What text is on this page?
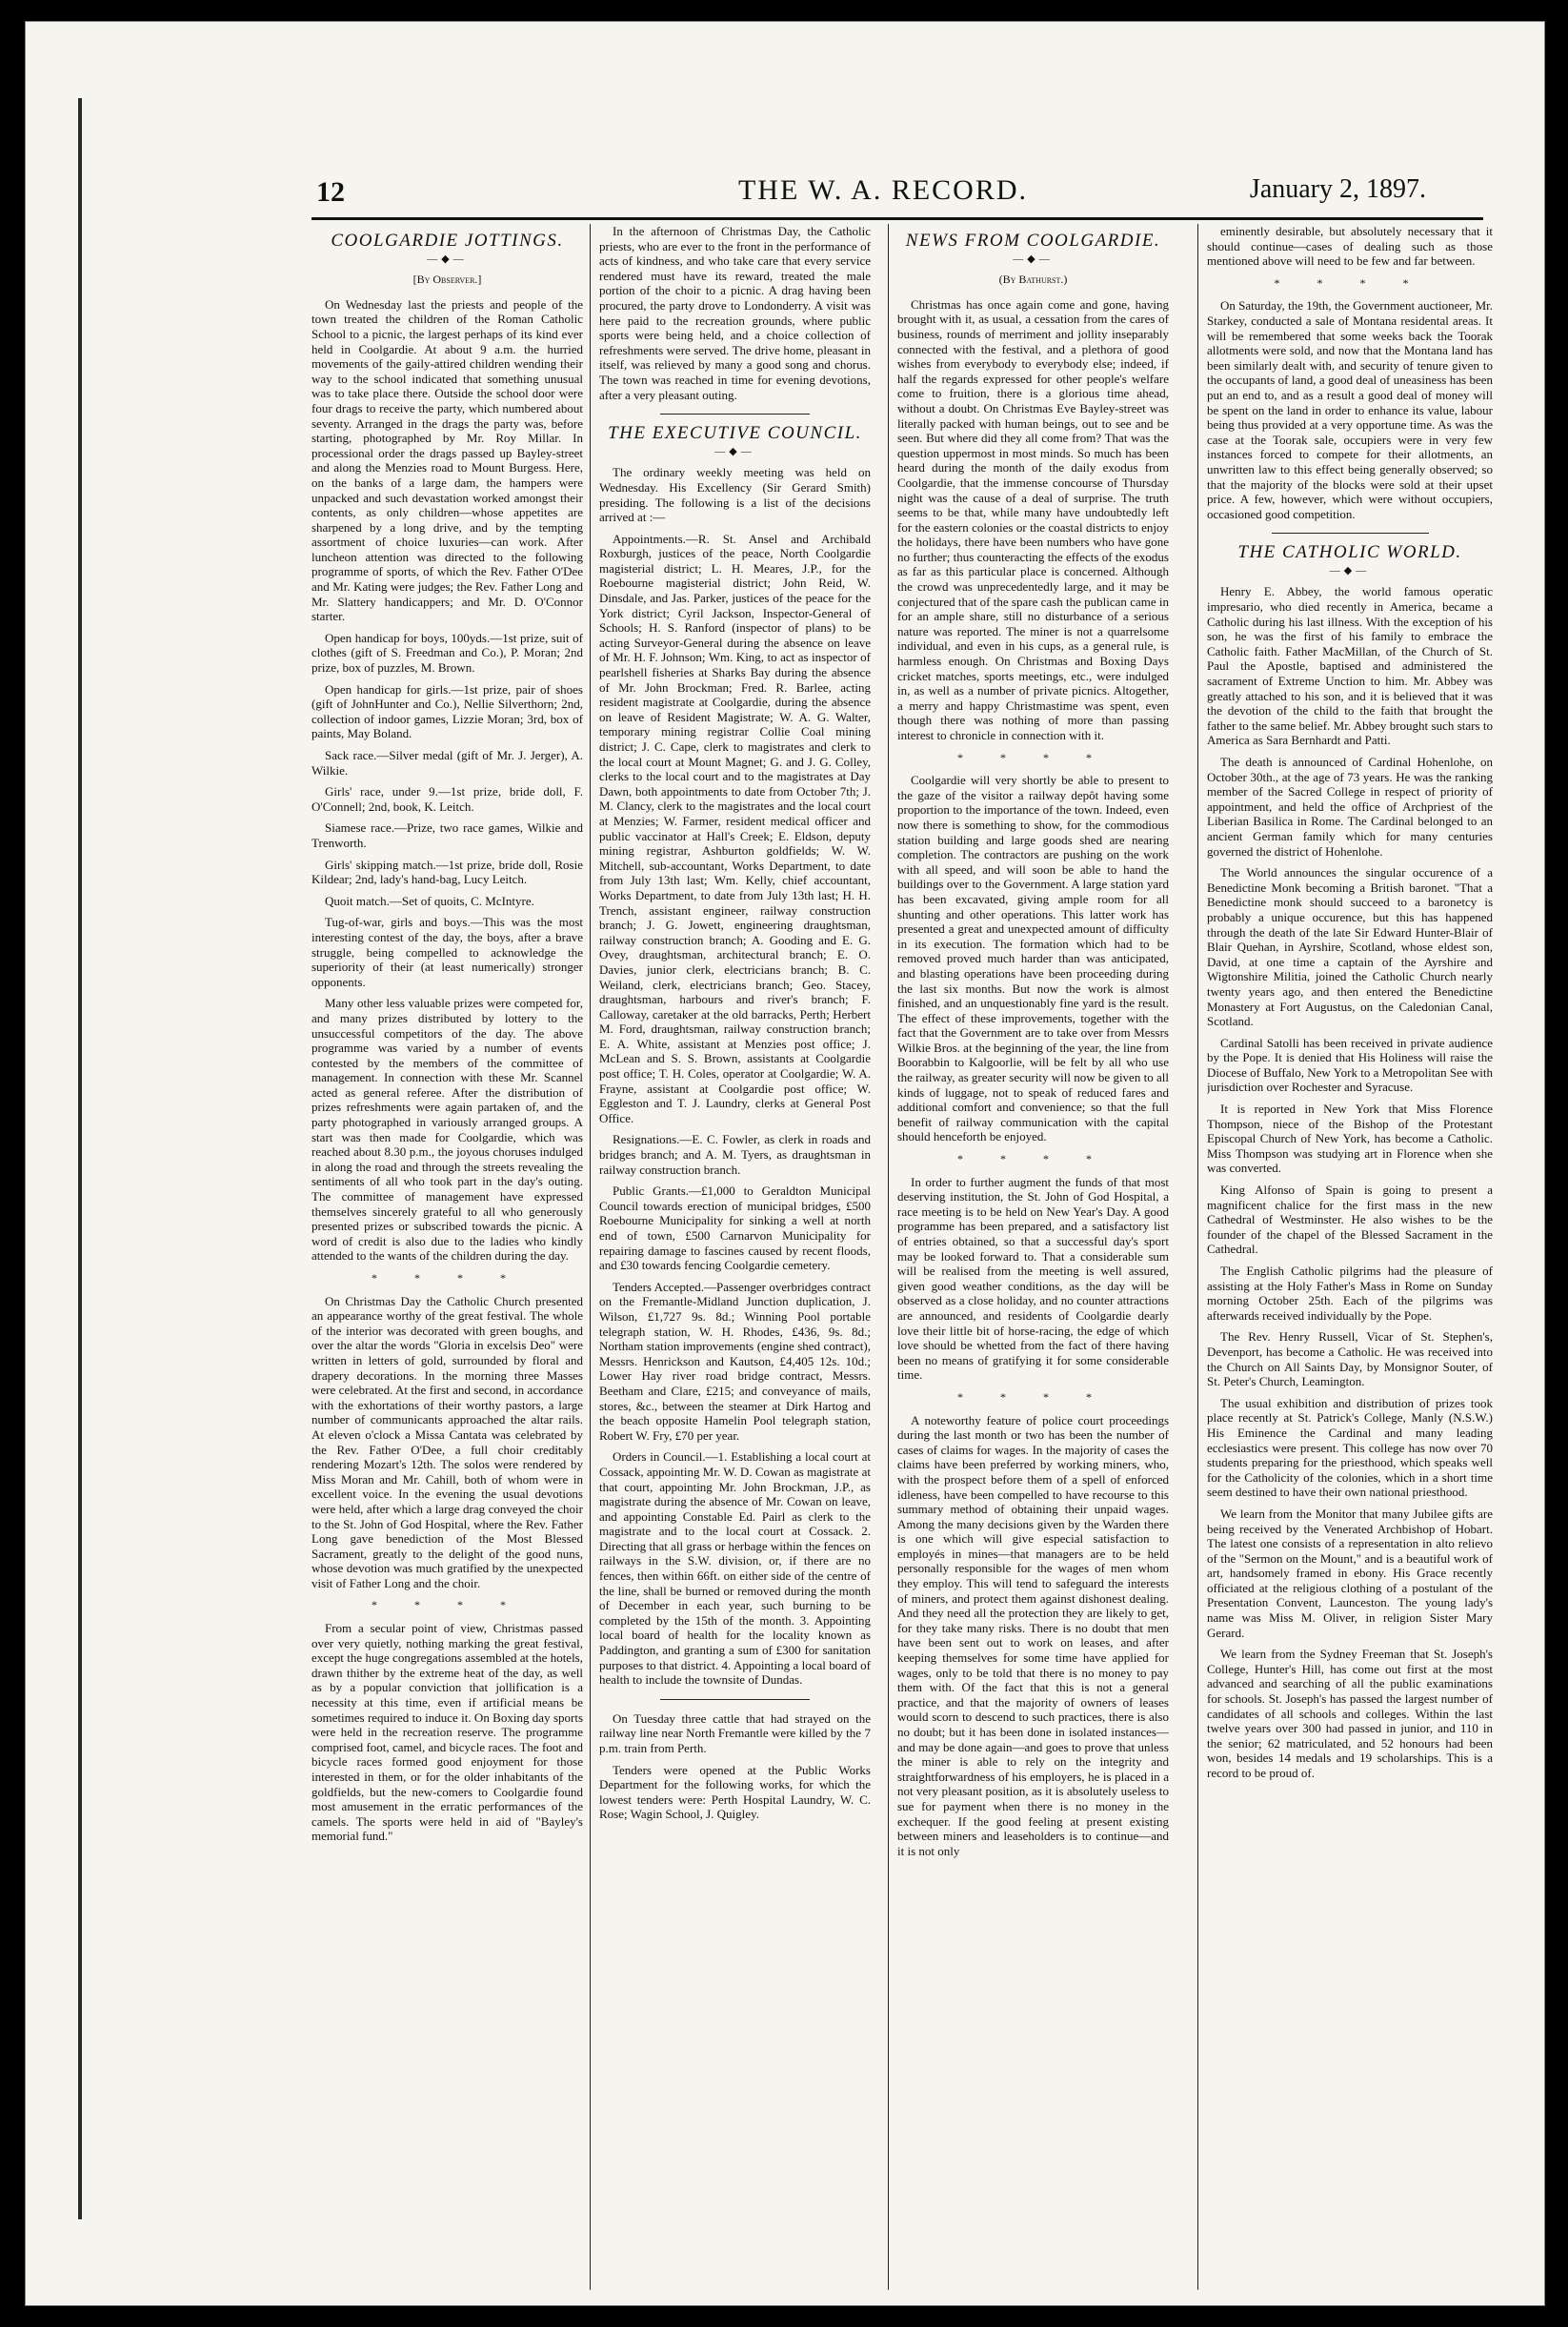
12	THE W. A. RECORD.	January 2, 1897.
COOLGARDIE JOTTINGS.
—◆—
[By Observer.]

On Wednesday last the priests and people of the town treated the children of the Roman Catholic School to a picnic, the largest perhaps of its kind ever held in Coolgardie. At about 9 a.m. the hurried movements of the gaily-attired children wending their way to the school indicated that something unusual was to take place there. Outside the school door were four drags to receive the party, which numbered about seventy. Arranged in the drags the party was, before starting, photographed by Mr. Roy Millar. In processional order the drags passed up Bayley-street and along the Menzies road to Mount Burgess. Here, on the banks of a large dam, the hampers were unpacked and such devastation worked amongst their contents, as only children—whose appetites are sharpened by a long drive, and by the tempting assortment of choice luxuries—can work. After luncheon attention was directed to the following programme of sports, of which the Rev. Father O'Dee and Mr. Kating were judges; the Rev. Father Long and Mr. Slattery handicappers; and Mr. D. O'Connor starter.

Open handicap for boys, 100yds.—1st prize, suit of clothes (gift of S. Freedman and Co.), P. Moran; 2nd prize, box of puzzles, M. Brown.

Open handicap for girls.—1st prize, pair of shoes (gift of JohnHunter and Co.), Nellie Silverthorn; 2nd, collection of indoor games, Lizzie Moran; 3rd, box of paints, May Boland.

Sack race.—Silver medal (gift of Mr. J. Jerger), A. Wilkie.

Girls' race, under 9.—1st prize, bride doll, F. O'Connell; 2nd, book, K. Leitch.

Siamese race.—Prize, two race games, Wilkie and Trenworth.

Girls' skipping match.—1st prize, bride doll, Rosie Kildear; 2nd, lady's hand-bag, Lucy Leitch.

Quoit match.—Set of quoits, C. McIntyre.

Tug-of-war, girls and boys.—This was the most interesting contest of the day, the boys, after a brave struggle, being compelled to acknowledge the superiority of their (at least numerically) stronger opponents.

Many other less valuable prizes were competed for, and many prizes distributed by lottery to the unsuccessful competitors of the day. The above programme was varied by a number of events contested by the members of the committee of management. In connection with these Mr. Scannel acted as general referee. After the distribution of prizes refreshments were again partaken of, and the party photographed in variously arranged groups. A start was then made for Coolgardie, which was reached about 8.30 p.m., the joyous choruses indulged in along the road and through the streets revealing the sentiments of all who took part in the day's outing. The committee of management have expressed themselves sincerely grateful to all who generously presented prizes or subscribed towards the picnic. A word of credit is also due to the ladies who kindly attended to the wants of the children during the day.

* * * *

On Christmas Day the Catholic Church presented an appearance worthy of the great festival. The whole of the interior was decorated with green boughs, and over the altar the words "Gloria in excelsis Deo" were written in letters of gold, surrounded by floral and drapery decorations. In the morning three Masses were celebrated. At the first and second, in accordance with the exhortations of their worthy pastors, a large number of communicants approached the altar rails. At eleven o'clock a Missa Cantata was celebrated by the Rev. Father O'Dee, a full choir creditably rendering Mozart's 12th. The solos were rendered by Miss Moran and Mr. Cahill, both of whom were in excellent voice. In the evening the usual devotions were held, after which a large drag conveyed the choir to the St. John of God Hospital, where the Rev. Father Long gave benediction of the Most Blessed Sacrament, greatly to the delight of the good nuns, whose devotion was much gratified by the unexpected visit of Father Long and the choir.

* * * *

From a secular point of view, Christmas passed over very quietly, nothing marking the great festival, except the huge congregations assembled at the hotels, drawn thither by the extreme heat of the day, as well as by a popular conviction that jollification is a necessity at this time, even if artificial means be sometimes required to induce it. On Boxing day sports were held in the recreation reserve. The programme comprised foot, camel, and bicycle races. The foot and bicycle races formed good enjoyment for those interested in them, or for the older inhabitants of the goldfields, but the new-comers to Coolgardie found most amusement in the erratic performances of the camels. The sports were held in aid of "Bayley's memorial fund."

In the afternoon of Christmas Day, the Catholic priests, who are ever to the front in the performance of acts of kindness, and who take care that every service rendered must have its reward, treated the male portion of the choir to a picnic. A drag having been procured, the party drove to Londonderry. A visit was here paid to the recreation grounds, where public sports were being held, and a choice collection of refreshments were served. The drive home, pleasant in itself, was relieved by many a good song and chorus. The town was reached in time for evening devotions, after a very pleasant outing.

THE EXECUTIVE COUNCIL.
—◆—

The ordinary weekly meeting was held on Wednesday. His Excellency (Sir Gerard Smith) presiding. The following is a list of the decisions arrived at :—

Appointments.—R. St. Ansel and Archibald Roxburgh, justices of the peace, North Coolgardie magisterial district; L. H. Meares, J.P., for the Roebourne magisterial district; John Reid, W. Dinsdale, and Jas. Parker, justices of the peace for the York district; Cyril Jackson, Inspector-General of Schools; H. S. Ranford (inspector of plans) to be acting Surveyor-General during the absence on leave of Mr. H. F. Johnson; Wm. King, to act as inspector of pearlshell fisheries at Sharks Bay during the absence of Mr. John Brockman; Fred. R. Barlee, acting resident magistrate at Coolgardie, during the absence on leave of Resident Magistrate; W. A. G. Walter, temporary mining registrar Collie Coal mining district; J. C. Cape, clerk to magistrates and clerk to the local court at Mount Magnet; G. and J. G. Colley, clerks to the local court and to the magistrates at Day Dawn, both appointments to date from October 7th; J. M. Clancy, clerk to the magistrates and the local court at Menzies; W. Farmer, resident medical officer and public vaccinator at Hall's Creek; E. Eldson, deputy mining registrar, Ashburton goldfields; W. W. Mitchell, sub-accountant, Works Department, to date from July 13th last; Wm. Kelly, chief accountant, Works Department, to date from July 13th last; H. H. Trench, assistant engineer, railway construction branch; J. G. Jowett, engineering draughtsman, railway construction branch; A. Gooding and E. G. Ovey, draughtsman, architectural branch; E. O. Davies, junior clerk, electricians branch; B. C. Weiland, clerk, electricians branch; Geo. Stacey, draughtsman, harbours and river's branch; F. Calloway, caretaker at the old barracks, Perth; Herbert M. Ford, draughtsman, railway construction branch; E. A. White, assistant at Menzies post office; J. McLean and S. S. Brown, assistants at Coolgardie post office; T. H. Coles, operator at Coolgardie; W. A. Frayne, assistant at Coolgardie post office; W. Eggleston and T. J. Laundry, clerks at General Post Office.

Resignations.—E. C. Fowler, as clerk in roads and bridges branch; and A. M. Tyers, as draughtsman in railway construction branch.

Public Grants.—£1,000 to Geraldton Municipal Council towards erection of municipal bridges, £500 Roebourne Municipality for sinking a well at north end of town, £500 Carnarvon Municipality for repairing damage to fascines caused by recent floods, and £30 towards fencing Coolgardie cemetery.

Tenders Accepted.—Passenger overbridges contract on the Fremantle-Midland Junction duplication, J. Wilson, £1,727 9s. 8d.; Winning Pool portable telegraph station, W. H. Rhodes, £436, 9s. 8d.; Northam station improvements (engine shed contract), Messrs. Henrickson and Kautson, £4,405 12s. 10d.; Lower Hay river road bridge contract, Messrs. Beetham and Clare, £215; and conveyance of mails, stores, &c., between the steamer at Dirk Hartog and the beach opposite Hamelin Pool telegraph station, Robert W. Fry, £70 per year.

Orders in Council.—1. Establishing a local court at Cossack, appointing Mr. W. D. Cowan as magistrate at that court, appointing Mr. John Brockman, J.P., as magistrate during the absence of Mr. Cowan on leave, and appointing Constable Ed. Pairl as clerk to the magistrate and to the local court at Cossack. 2. Directing that all grass or herbage within the fences on railways in the S.W. division, or, if there are no fences, then within 66ft. on either side of the centre of the line, shall be burned or removed during the month of December in each year, such burning to be completed by the 15th of the month. 3. Appointing local board of health for the locality known as Paddington, and granting a sum of £300 for sanitation purposes to that district. 4. Appointing a local board of health to include the townsite of Dundas.

On Tuesday three cattle that had strayed on the railway line near North Fremantle were killed by the 7 p.m. train from Perth.

Tenders were opened at the Public Works Department for the following works, for which the lowest tenders were: Perth Hospital Laundry, W. C. Rose; Wagin School, J. Quigley.

NEWS FROM COOLGARDIE.
—◆—
(By Bathurst.)

Christmas has once again come and gone, having brought with it, as usual, a cessation from the cares of business, rounds of merriment and jollity inseparably connected with the festival, and a plethora of good wishes from everybody to everybody else; indeed, if half the regards expressed for other people's welfare come to fruition, there is a glorious time ahead, without a doubt. On Christmas Eve Bayley-street was literally packed with human beings, out to see and be seen. But where did they all come from? That was the question uppermost in most minds. So much has been heard during the month of the daily exodus from Coolgardie, that the immense concourse of Thursday night was the cause of a deal of surprise. The truth seems to be that, while many have undoubtedly left for the eastern colonies or the coastal districts to enjoy the holidays, there have been numbers who have gone no further; thus counteracting the effects of the exodus as far as this particular place is concerned. Although the crowd was unprecedentedly large, and it may be conjectured that of the spare cash the publican came in for an ample share, still no disturbance of a serious nature was reported. The miner is not a quarrelsome individual, and even in his cups, as a general rule, is harmless enough. On Christmas and Boxing Days cricket matches, sports meetings, etc., were indulged in, as well as a number of private picnics. Altogether, a merry and happy Christmastime was spent, even though there was nothing of more than passing interest to chronicle in connection with it.

* * * *

Coolgardie will very shortly be able to present to the gaze of the visitor a railway depôt having some proportion to the importance of the town. Indeed, even now there is something to show, for the commodious station building and large goods shed are nearing completion. The contractors are pushing on the work with all speed, and will soon be able to hand the buildings over to the Government. A large station yard has been excavated, giving ample room for all shunting and other operations. This latter work has presented a great and unexpected amount of difficulty in its execution. The formation which had to be removed proved much harder than was anticipated, and blasting operations have been proceeding during the last six months. But now the work is almost finished, and an unquestionably fine yard is the result. The effect of these improvements, together with the fact that the Government are to take over from Messrs Wilkie Bros. at the beginning of the year, the line from Boorabbin to Kalgoorlie, will be felt by all who use the railway, as greater security will now be given to all kinds of luggage, not to speak of reduced fares and additional comfort and convenience; so that the full benefit of railway communication with the capital should henceforth be enjoyed.

* * * *

In order to further augment the funds of that most deserving institution, the St. John of God Hospital, a race meeting is to be held on New Year's Day. A good programme has been prepared, and a satisfactory list of entries obtained, so that a successful day's sport may be looked forward to. That a considerable sum will be realised from the meeting is well assured, given good weather conditions, as the day will be observed as a close holiday, and no counter attractions are announced, and residents of Coolgardie dearly love their little bit of horse-racing, the edge of which love should be whetted from the fact of there having been no means of gratifying it for some considerable time.

* * * *

A noteworthy feature of police court proceedings during the last month or two has been the number of cases of claims for wages. In the majority of cases the claims have been preferred by working miners, who, with the prospect before them of a spell of enforced idleness, have been compelled to have recourse to this summary method of obtaining their unpaid wages. Among the many decisions given by the Warden there is one which will give especial satisfaction to employés in mines—that managers are to be held personally responsible for the wages of men whom they employ. This will tend to safeguard the interests of miners, and protect them against dishonest dealing. And they need all the protection they are likely to get, for they take many risks. There is no doubt that men have been sent out to work on leases, and after keeping themselves for some time have applied for wages, only to be told that there is no money to pay them with. Of the fact that this is not a general practice, and that the majority of owners of leases would scorn to descend to such practices, there is also no doubt; but it has been done in isolated instances—and may be done again—and goes to prove that unless the miner is able to rely on the integrity and straightforwardness of his employers, he is placed in a not very pleasant position, as it is absolutely useless to sue for payment when there is no money in the exchequer. If the good feeling at present existing between miners and leaseholders is to continue—and it is not only

eminently desirable, but absolutely necessary that it should continue—cases of dealing such as those mentioned above will need to be few and far between.

* * * *

On Saturday, the 19th, the Government auctioneer, Mr. Starkey, conducted a sale of Montana residental areas. It will be remembered that some weeks back the Toorak allotments were sold, and now that the Montana land has been similarly dealt with, and security of tenure given to the occupants of land, a good deal of uneasiness has been put an end to, and as a result a good deal of money will be spent on the land in order to enhance its value, labour being thus provided at a very opportune time. As was the case at the Toorak sale, occupiers were in very few instances forced to compete for their allotments, an unwritten law to this effect being generally observed; so that the majority of the blocks were sold at their upset price. A few, however, which were without occupiers, occasioned good competition.

THE CATHOLIC WORLD.
—◆—

Henry E. Abbey, the world famous operatic impresario, who died recently in America, became a Catholic during his last illness. With the exception of his son, he was the first of his family to embrace the Catholic faith. Father MacMillan, of the Church of St. Paul the Apostle, baptised and administered the sacrament of Extreme Unction to him. Mr. Abbey was greatly attached to his son, and it is believed that it was the devotion of the child to the faith that brought the father to the same belief. Mr. Abbey brought such stars to America as Sara Bernhardt and Patti.

The death is announced of Cardinal Hohenlohe, on October 30th., at the age of 73 years. He was the ranking member of the Sacred College in respect of priority of appointment, and held the office of Archpriest of the Liberian Basilica in Rome. The Cardinal belonged to an ancient German family which for many centuries governed the district of Hohenlohe.

The World announces the singular occurence of a Benedictine Monk becoming a British baronet. "That a Benedictine monk should succeed to a baronetcy is probably a unique occurence, but this has happened through the death of the late Sir Edward Hunter-Blair of Blair Quehan, in Ayrshire, Scotland, whose eldest son, David, at one time a captain of the Ayrshire and Wigtonshire Militia, joined the Catholic Church nearly twenty years ago, and then entered the Benedictine Monastery at Fort Augustus, on the Caledonian Canal, Scotland.

Cardinal Satolli has been received in private audience by the Pope. It is denied that His Holiness will raise the Diocese of Buffalo, New York to a Metropolitan See with jurisdiction over Rochester and Syracuse.

It is reported in New York that Miss Florence Thompson, niece of the Bishop of the Protestant Episcopal Church of New York, has become a Catholic. Miss Thompson was studying art in Florence when she was converted.

King Alfonso of Spain is going to present a magnificent chalice for the first mass in the new Cathedral of Westminster. He also wishes to be the founder of the chapel of the Blessed Sacrament in the Cathedral.

The English Catholic pilgrims had the pleasure of assisting at the Holy Father's Mass in Rome on Sunday morning October 25th. Each of the pilgrims was afterwards received individually by the Pope.

The Rev. Henry Russell, Vicar of St. Stephen's, Devenport, has become a Catholic. He was received into the Church on All Saints Day, by Monsignor Souter, of St. Peter's Church, Leamington.

The usual exhibition and distribution of prizes took place recently at St. Patrick's College, Manly (N.S.W.) His Eminence the Cardinal and many leading ecclesiastics were present. This college has now over 70 students preparing for the priesthood, which speaks well for the Catholicity of the colonies, which in a short time seem destined to have their own national priesthood.

We learn from the Monitor that many Jubilee gifts are being received by the Venerated Archbishop of Hobart. The latest one consists of a representation in alto relievo of the "Sermon on the Mount," and is a beautiful work of art, handsomely framed in ebony. His Grace recently officiated at the religious clothing of a postulant of the Presentation Convent, Launceston. The young lady's name was Miss M. Oliver, in religion Sister Mary Gerard.

We learn from the Sydney Freeman that St. Joseph's College, Hunter's Hill, has come out first at the most advanced and searching of all the public examinations for schools. St. Joseph's has passed the largest number of candidates of all schools and colleges. Within the last twelve years over 300 had passed in junior, and 110 in the senior; 62 matriculated, and 52 honours had been won, besides 14 medals and 19 scholarships. This is a record to be proud of.
